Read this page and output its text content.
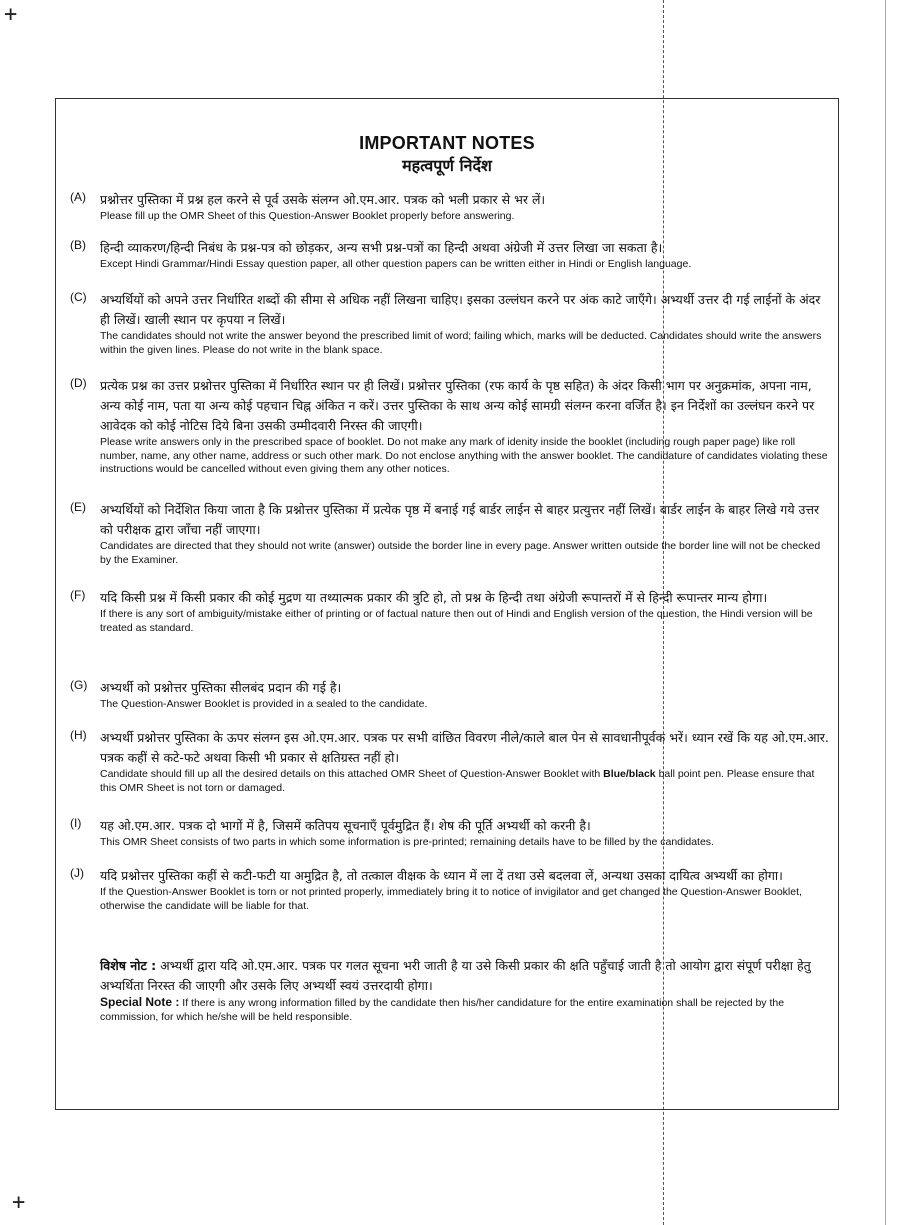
+
+
IMPORTANT NOTES
महत्वपूर्ण निर्देश
(A) प्रश्नोत्तर पुस्तिका में प्रश्न हल करने से पूर्व उसके संलग्न ओ.एम.आर. पत्रक को भली प्रकार से भर लें।
Please fill up the OMR Sheet of this Question-Answer Booklet properly before answering.
(B) हिन्दी व्याकरण/हिन्दी निबंध के प्रश्न-पत्र को छोड़कर, अन्य सभी प्रश्न-पत्रों का हिन्दी अथवा अंग्रेजी में उत्तर लिखा जा सकता है।
Except Hindi Grammar/Hindi Essay question paper, all other question papers can be written either in Hindi or English language.
(C) अभ्यर्थियों को अपने उत्तर निर्धारित शब्दों की सीमा से अधिक नहीं लिखना चाहिए। इसका उल्लंघन करने पर अंक काटे जाएँगे। अभ्यर्थी उत्तर दी गई लाईनों के अंदर ही लिखें। खाली स्थान पर कृपया न लिखें।
The candidates should not write the answer beyond the prescribed limit of word; failing which, marks will be deducted. Candidates should write the answers within the given lines. Please do not write in the blank space.
(D) प्रत्येक प्रश्न का उत्तर प्रश्नोत्तर पुस्तिका में निर्धारित स्थान पर ही लिखें। प्रश्नोत्तर पुस्तिका (रफ कार्य के पृष्ठ सहित) के अंदर किसी भाग पर अनुक्रमांक, अपना नाम, अन्य कोई नाम, पता या अन्य कोई पहचान चिह्न अंकित न करें। उत्तर पुस्तिका के साथ अन्य कोई सामग्री संलग्न करना वर्जित है। इन निर्देशों का उल्लंघन करने पर आवेदक को कोई नोटिस दिये बिना उसकी उम्मीदवारी निरस्त की जाएगी।
Please write answers only in the prescribed space of booklet. Do not make any mark of idenity inside the booklet (including rough paper page) like roll number, name, any other name, address or such other mark. Do not enclose anything with the answer booklet. The candidature of candidates violating these instructions would be cancelled without even giving them any other notices.
(E) अभ्यर्थियों को निर्देशित किया जाता है कि प्रश्नोत्तर पुस्तिका में प्रत्येक पृष्ठ में बनाई गई बार्डर लाईन से बाहर प्रत्युत्तर नहीं लिखें। बार्डर लाईन के बाहर लिखे गये उत्तर को परीक्षक द्वारा जाँचा नहीं जाएगा।
Candidates are directed that they should not write (answer) outside the border line in every page. Answer written outside the border line will not be checked by the Examiner.
(F) यदि किसी प्रश्न में किसी प्रकार की कोई मुद्रण या तथ्यात्मक प्रकार की त्रुटि हो, तो प्रश्न के हिन्दी तथा अंग्रेजी रूपान्तरों में से हिन्दी रूपान्तर मान्य होगा।
If there is any sort of ambiguity/mistake either of printing or of factual nature then out of Hindi and English version of the question, the Hindi version will be treated as standard.
(G) अभ्यर्थी को प्रश्नोत्तर पुस्तिका सीलबंद प्रदान की गई है।
The Question-Answer Booklet is provided in a sealed to the candidate.
(H) अभ्यर्थी प्रश्नोत्तर पुस्तिका के ऊपर संलग्न इस ओ.एम.आर. पत्रक पर सभी वांछित विवरण नीले/काले बाल पेन से सावधानीपूर्वक भरें। ध्यान रखें कि यह ओ.एम.आर. पत्रक कहीं से कटे-फटे अथवा किसी भी प्रकार से क्षतिग्रस्त नहीं हो।
Candidate should fill up all the desired details on this attached OMR Sheet of Question-Answer Booklet with Blue/black ball point pen. Please ensure that this OMR Sheet is not torn or damaged.
(I) यह ओ.एम.आर. पत्रक दो भागों में है, जिसमें कतिपय सूचनाएँ पूर्वमुद्रित हैं। शेष की पूर्ति अभ्यर्थी को करनी है।
This OMR Sheet consists of two parts in which some information is pre-printed; remaining details have to be filled by the candidates.
(J) यदि प्रश्नोत्तर पुस्तिका कहीं से कटी-फटी या अमुद्रित है, तो तत्काल वीक्षक के ध्यान में ला दें तथा उसे बदलवा लें, अन्यथा उसका दायित्व अभ्यर्थी का होगा।
If the Question-Answer Booklet is torn or not printed properly, immediately bring it to notice of invigilator and get changed the Question-Answer Booklet, otherwise the candidate will be liable for that.
विशेष नोट : अभ्यर्थी द्वारा यदि ओ.एम.आर. पत्रक पर गलत सूचना भरी जाती है या उसे किसी प्रकार की क्षति पहुँचाई जाती है तो आयोग द्वारा संपूर्ण परीक्षा हेतु अभ्यर्थिता निरस्त की जाएगी और उसके लिए अभ्यर्थी स्वयं उत्तरदायी होगा।
Special Note : If there is any wrong information filled by the candidate then his/her candidature for the entire examination shall be rejected by the commission, for which he/she will be held responsible.
